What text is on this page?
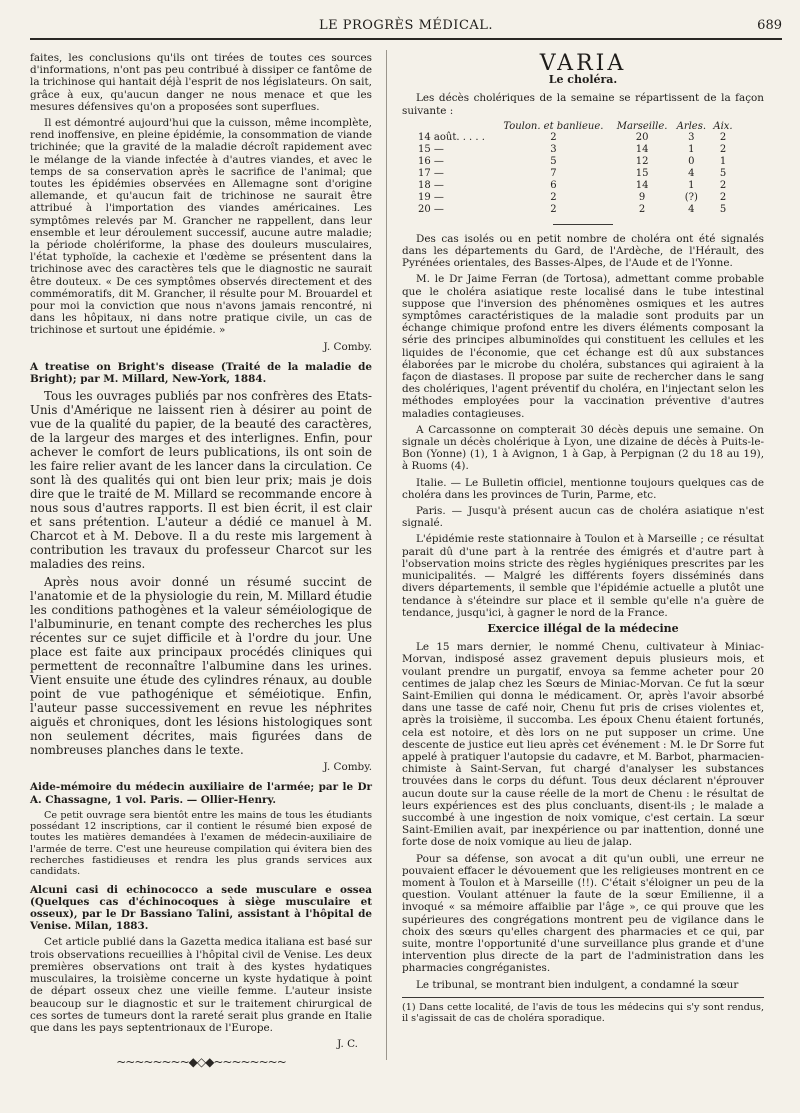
LE PROGRÈS MÉDICAL.	689

faites, les conclusions qu'ils ont tirées de toutes ces sources d'informations, n'ont pas peu contribué à dissiper ce fantôme de la trichinose qui hantait déjà l'esprit de nos législateurs. On sait, grâce à eux, qu'aucun danger ne nous menace et que les mesures défensives qu'on a proposées sont superflues.

Il est démontré aujourd'hui que la cuisson, même incomplète, rend inoffensive, en pleine épidémie, la consommation de viande trichinée; que la gravité de la maladie décroît rapidement avec le mélange de la viande infectée à d'autres viandes, et avec le temps de sa conservation après le sacrifice de l'animal; que toutes les épidémies observées en Allemagne sont d'origine allemande, et qu'aucun fait de trichinose ne saurait être attribué à l'importation des viandes américaines. Les symptômes relevés par M. Grancher ne rappellent, dans leur ensemble et leur déroulement successif, aucune autre maladie; la période cholériforme, la phase des douleurs musculaires, l'état typhoïde, la cachexie et l'œdème se présentent dans la trichinose avec des caractères tels que le diagnostic ne saurait être douteux. « De ces symptômes observés directement et des commémoratifs, dit M. Grancher, il résulte pour M. Brouardel et pour moi la conviction que nous n'avons jamais rencontré, ni dans les hôpitaux, ni dans notre pratique civile, un cas de trichinose et surtout une épidémie. »

J. Comby.

A treatise on Bright's disease (Traité de la maladie de Bright); par M. Millard, New-York, 1884.

Tous les ouvrages publiés par nos confrères des Etats-Unis d'Amérique ne laissent rien à désirer au point de vue de la qualité du papier, de la beauté des caractères, de la largeur des marges et des interlignes. Enfin, pour achever le comfort de leurs publications, ils ont soin de les faire relier avant de les lancer dans la circulation. Ce sont là des qualités qui ont bien leur prix; mais je dois dire que le traité de M. Millard se recommande encore à nous sous d'autres rapports. Il est bien écrit, il est clair et sans prétention. L'auteur a dédié ce manuel à M. Charcot et à M. Debove. Il a du reste mis largement à contribution les travaux du professeur Charcot sur les maladies des reins.

Après nous avoir donné un résumé succint de l'anatomie et de la physiologie du rein, M. Millard étudie les conditions pathogènes et la valeur séméiologique de l'albuminurie, en tenant compte des recherches les plus récentes sur ce sujet difficile et à l'ordre du jour. Une place est faite aux principaux procédés cliniques qui permettent de reconnaître l'albumine dans les urines. Vient ensuite une étude des cylindres rénaux, au double point de vue pathogénique et séméiotique. Enfin, l'auteur passe successivement en revue les néphrites aiguës et chroniques, dont les lésions histologiques sont non seulement décrites, mais figurées dans de nombreuses planches dans le texte.

J. Comby.

Aide-mémoire du médecin auxiliaire de l'armée; par le Dr A. Chassagne, 1 vol. Paris. — Ollier-Henry.

Ce petit ouvrage sera bientôt entre les mains de tous les étudiants possédant 12 inscriptions, car il contient le résumé bien exposé de toutes les matières demandées à l'examen de médecin-auxiliaire de l'armée de terre. C'est une heureuse compilation qui évitera bien des recherches fastidieuses et rendra les plus grands services aux candidats.

Alcuni casi di echinococco a sede musculare e ossea (Quelques cas d'échinocoques à siège musculaire et osseux), par le Dr Bassiano Talini, assistant à l'hôpital de Venise. Milan, 1883.

Cet article publié dans la Gazetta medica italiana est basé sur trois observations recueillies à l'hôpital civil de Venise. Les deux premières observations ont trait à des kystes hydatiques musculaires, la troisième concerne un kyste hydatique à point de départ osseux chez une vieille femme. L'auteur insiste beaucoup sur le diagnostic et sur le traitement chirurgical de ces sortes de tumeurs dont la rareté serait plus grande en Italie que dans les pays septentrionaux de l'Europe.

J. C.
~~~~~~~~◆◇◆~~~~~~~~
VARIA
Le choléra.

Les décès cholériques de la semaine se répartissent de la façon suivante :

	Toulon. et banlieue.	Marseille.	Arles.	Aix.
14 août. . . . .	2	20	3	2
15 —	3	14	1	2
16 —	5	12	0	1
17 —	7	15	4	5
18 —	6	14	1	2
19 —	2	9	(?)	2
20 —	2	2	4	5

Des cas isolés ou en petit nombre de choléra ont été signalés dans les départements du Gard, de l'Ardèche, de l'Hérault, des Pyrénées orientales, des Basses-Alpes, de l'Aude et de l'Yonne.

M. le Dr Jaime Ferran (de Tortosa), admettant comme probable que le choléra asiatique reste localisé dans le tube intestinal suppose que l'inversion des phénomènes osmiques et les autres symptômes caractéristiques de la maladie sont produits par un échange chimique profond entre les divers éléments composant la série des principes albuminoïdes qui constituent les cellules et les liquides de l'économie, que cet échange est dû aux substances élaborées par le microbe du choléra, substances qui agiraient à la façon de diastases. Il propose par suite de rechercher dans le sang des cholériques, l'agent préventif du choléra, en l'injectant selon les méthodes employées pour la vaccination préventive d'autres maladies contagieuses.

A Carcassonne on compterait 30 décès depuis une semaine. On signale un décès cholérique à Lyon, une dizaine de décès à Puits-le-Bon (Yonne) (1), 1 à Avignon, 1 à Gap, à Perpignan (2 du 18 au 19), à Ruoms (4).

Italie. — Le Bulletin officiel, mentionne toujours quelques cas de choléra dans les provinces de Turin, Parme, etc.

Paris. — Jusqu'à présent aucun cas de choléra asiatique n'est signalé.

L'épidémie reste stationnaire à Toulon et à Marseille ; ce résultat parait dû d'une part à la rentrée des émigrés et d'autre part à l'observation moins stricte des règles hygiéniques prescrites par les municipalités. — Malgré les différents foyers disséminés dans divers départements, il semble que l'épidémie actuelle a plutôt une tendance à s'éteindre sur place et il semble qu'elle n'a guère de tendance, jusqu'ici, à gagner le nord de la France.

Exercice illégal de la médecine

Le 15 mars dernier, le nommé Chenu, cultivateur à Miniac-Morvan, indisposé assez gravement depuis plusieurs mois, et voulant prendre un purgatif, envoya sa femme acheter pour 20 centimes de jalap chez les Sœurs de Miniac-Morvan. Ce fut la sœur Saint-Emilien qui donna le médicament. Or, après l'avoir absorbé dans une tasse de café noir, Chenu fut pris de crises violentes et, après la troisième, il succomba. Les époux Chenu étaient fortunés, cela est notoire, et dès lors on ne put supposer un crime. Une descente de justice eut lieu après cet événement : M. le Dr Sorre fut appelé à pratiquer l'autopsie du cadavre, et M. Barbot, pharmacien-chimiste à Saint-Servan, fut chargé d'analyser les substances trouvées dans le corps du défunt. Tous deux déclarent n'éprouver aucun doute sur la cause réelle de la mort de Chenu : le résultat de leurs expériences est des plus concluants, disent-ils ; le malade a succombé à une ingestion de noix vomique, c'est certain. La sœur Saint-Emilien avait, par inexpérience ou par inattention, donné une forte dose de noix vomique au lieu de jalap.

Pour sa défense, son avocat a dit qu'un oubli, une erreur ne pouvaient effacer le dévouement que les religieuses montrent en ce moment à Toulon et à Marseille (!!). C'était s'éloigner un peu de la question. Voulant atténuer la faute de la sœur Emilienne, il a invoqué « sa mémoire affaiblie par l'âge », ce qui prouve que les supérieures des congrégations montrent peu de vigilance dans le choix des sœurs qu'elles chargent des pharmacies et ce qui, par suite, montre l'opportunité d'une surveillance plus grande et d'une intervention plus directe de la part de l'administration dans les pharmacies congréganistes.

Le tribunal, se montrant bien indulgent, a condamné la sœur

(1) Dans cette localité, de l'avis de tous les médecins qui s'y sont rendus, il s'agissait de cas de choléra sporadique.
